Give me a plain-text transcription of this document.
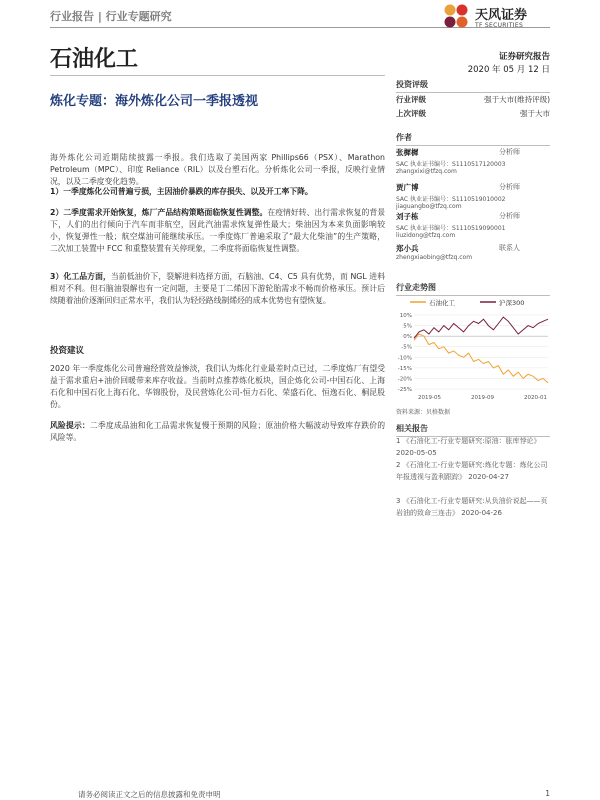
行业报告 | 行业专题研究	天风证券
TF SECURITIES
石油化工
炼化专题：海外炼化公司一季报透视
证券研究报告
2020 年 05 月 12 日
投资评级
行业评级	强于大市(维持评级)
上次评级	强于大市
作者
张樨樨	分析师
SAC 执业证书编号：S1110517120003
zhangxixi@tfzq.com
贾广博	分析师
SAC 执业证书编号：S1110519010002
jiaguangbo@tfzq.com
刘子栋	分析师
SAC 执业证书编号：S1110519090001
liuzidong@tfzq.com
郑小兵	联系人
zhengxiaobing@tfzq.com
行业走势图
石油化工	沪深300
10%
5%
0%
-5%
-10%
-15%
-20%
-25%
2019-05	2019-09	2020-01
资料来源：贝格数据
相关报告
1 《石油化工-行业专题研究:原油：胀库悖论》 2020-05-05
2 《石油化工-行业专题研究:炼化专题：炼化公司年报透视与盈利跟踪》 2020-04-27
3 《石油化工-行业专题研究:从负油价说起——页岩油的致命三连击》 2020-04-26
海外炼化公司近期陆续披露一季报。我们选取了美国两家 Phillips66（PSX）、Marathon Petroleum（MPC）、印度 Reliance（RIL）以及台塑石化。分析炼化公司一季报，反映行业情况，以及二季度变化趋势。
1）一季度炼化公司普遍亏损，主因油价暴跌的库存损失、以及开工率下降。
2）二季度需求开始恢复，炼厂产品结构策略面临恢复性调整。在疫情好转、出行需求恢复的背景下，人们的出行倾向于汽车而非航空，因此汽油需求恢复弹性最大；柴油因为本来负面影响较小，恢复弹性一般；航空煤油可能继续承压。一季度炼厂普遍采取了“最大化柴油”的生产策略，二次加工装置中 FCC 和重整装置有关停现象，二季度将面临恢复性调整。
3）化工品方面，当前低油价下，裂解进料选择方面，石脑油、C4、C5 具有优势，而 NGL 进料相对不利。但石脑油裂解也有一定问题，主要是丁二烯因下游轮胎需求不畅而价格承压。预计后续随着油价逐渐回归正常水平，我们认为轻烃路线制烯烃的成本优势也有望恢复。
投资建议
2020 年一季度炼化公司普遍经营效益惨淡，我们认为炼化行业最差时点已过，二季度炼厂有望受益于需求重启+油价回暖带来库存收益。当前时点推荐炼化板块，国企炼化公司-中国石化、上海石化和中国石化上海石化、华锦股份，及民营炼化公司-恒力石化、荣盛石化、恒逸石化、桐昆股份。
风险提示：二季度成品油和化工品需求恢复慢于预期的风险；原油价格大幅波动导致库存跌价的风险等。
请务必阅读正文之后的信息披露和免责申明	1
